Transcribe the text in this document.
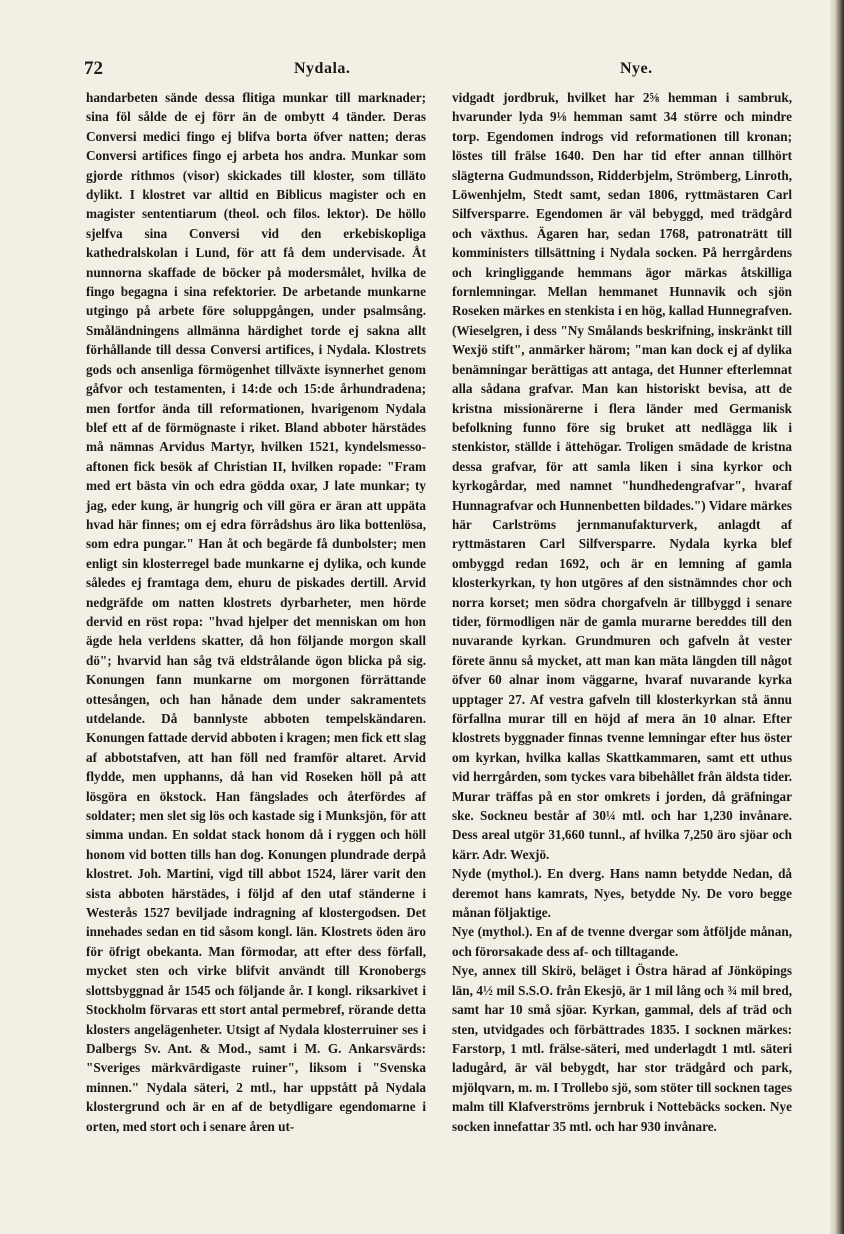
72	Nydala.	Nye.

handarbeten sände dessa flitiga munkar till marknader; sina föl sålde de ej förr än de ombytt 4 tänder. Deras Conversi medici fingo ej blifva borta öfver natten; deras Conversi artifices fingo ej arbeta hos andra. Munkar som gjorde rithmos (visor) skickades till kloster, som tilläto dylikt. I klostret var alltid en Biblicus magister och en magister sententiarum (theol. och filos. lektor). De höllo sjelfva sina Conversi vid den erkebiskopliga kathedralskolan i Lund, för att få dem undervisade. Åt nunnorna skaffade de böcker på modersmålet, hvilka de fingo begagna i sina refektorier. De arbetande munkarne utgingo på arbete före soluppgången, under psalmsång. Småländningens allmänna härdighet torde ej sakna allt förhållande till dessa Conversi artifices, i Nydala. Klostrets gods och ansenliga förmögenhet tillväxte isynnerhet genom gåfvor och testamenten, i 14:de och 15:de århundradena; men fortfor ända till reformationen, hvarigenom Nydala blef ett af de förmögnaste i riket. Bland abboter härstädes må nämnas Arvidus Martyr, hvilken 1521, kyndelsmesso-aftonen fick besök af Christian II, hvilken ropade: "Fram med ert bästa vin och edra gödda oxar, J late munkar; ty jag, eder kung, är hungrig och vill göra er äran att uppäta hvad här finnes; om ej edra förrådshus äro lika bottenlösa, som edra pungar." Han åt och begärde få dunbolster; men enligt sin klosterregel bade munkarne ej dylika, och kunde således ej framtaga dem, ehuru de piskades dertill. Arvid nedgräfde om natten klostrets dyrbarheter, men hörde dervid en röst ropa: "hvad hjelper det menniskan om hon ägde hela verldens skatter, då hon följande morgon skall dö"; hvarvid han såg tvä eldstrålande ögon blicka på sig. Konungen fann munkarne om morgonen förrättande ottesången, och han hånade dem under sakramentets utdelande. Då bannlyste abboten tempelskändaren. Konungen fattade dervid abboten i kragen; men fick ett slag af abbotstafven, att han föll ned framför altaret. Arvid flydde, men upphanns, då han vid Roseken höll på att lösgöra en ökstock. Han fängslades och återfördes af soldater; men slet sig lös och kastade sig i Munksjön, för att simma undan. En soldat stack honom då i ryggen och höll honom vid botten tills han dog. Konungen plundrade derpå klostret. Joh. Martini, vigd till abbot 1524, lärer varit den sista abboten härstädes, i följd af den utaf ständerne i Westerås 1527 beviljade indragning af klostergodsen. Det innehades sedan en tid såsom kongl. län. Klostrets öden äro för öfrigt obekanta. Man förmodar, att efter dess förfall, mycket sten och virke blifvit användt till Kronobergs slottsbyggnad år 1545 och följande år. I kongl. riksarkivet i Stockholm förvaras ett stort antal permebref, rörande detta klosters angelägenheter. Utsigt af Nydala klosterruiner ses i Dalbergs Sv. Ant. & Mod., samt i M. G. Ankarsvärds: "Sveriges märkvärdigaste ruiner", liksom i "Svenska minnen." Nydala säteri, 2 mtl., har uppstått på Nydala klostergrund och är en af de betydligare egendomarne i orten, med stort och i senare åren ut-

vidgadt jordbruk, hvilket har 2⅝ hemman i sambruk, hvarunder lyda 9⅛ hemman samt 34 större och mindre torp. Egendomen indrogs vid reformationen till kronan; löstes till frälse 1640. Den har tid efter annan tillhört slägterna Gudmundsson, Ridderbjelm, Strömberg, Linroth, Löwenhjelm, Stedt samt, sedan 1806, ryttmästaren Carl Silfversparre. Egendomen är väl bebyggd, med trädgård och växthus. Ägaren har, sedan 1768, patronaträtt till komministers tillsättning i Nydala socken. På herrgårdens och kringliggande hemmans ägor märkas åtskilliga fornlemningar. Mellan hemmanet Hunnavik och sjön Roseken märkes en stenkista i en hög, kallad Hunnegrafven. (Wieselgren, i dess "Ny Smålands beskrifning, inskränkt till Wexjö stift", anmärker härom; "man kan dock ej af dylika benämningar berättigas att antaga, det Hunner efterlemnat alla sådana grafvar. Man kan historiskt bevisa, att de kristna missionärerne i flera länder med Germanisk befolkning funno före sig bruket att nedlägga lik i stenkistor, ställde i ättehögar. Troligen smädade de kristna dessa grafvar, för att samla liken i sina kyrkor och kyrkogårdar, med namnet "hundhedengrafvar", hvaraf Hunnagrafvar och Hunnenbetten bildades.") Vidare märkes här Carlströms jernmanufakturverk, anlagdt af ryttmästaren Carl Silfversparre. Nydala kyrka blef ombyggd redan 1692, och är en lemning af gamla klosterkyrkan, ty hon utgöres af den sistnämndes chor och norra korset; men södra chorgafveln är tillbyggd i senare tider, förmodligen när de gamla murarne bereddes till den nuvarande kyrkan. Grundmuren och gafveln åt vester förete ännu så mycket, att man kan mäta längden till något öfver 60 alnar inom väggarne, hvaraf nuvarande kyrka upptager 27. Af vestra gafveln till klosterkyrkan stå ännu förfallna murar till en höjd af mera än 10 alnar. Efter klostrets byggnader finnas tvenne lemningar efter hus öster om kyrkan, hvilka kallas Skattkammaren, samt ett uthus vid herrgården, som tyckes vara bibehållet från äldsta tider. Murar träffas på en stor omkrets i jorden, då gräfningar ske. Sockneu består af 30¼ mtl. och har 1,230 invånare. Dess areal utgör 31,660 tunnl., af hvilka 7,250 äro sjöar och kärr. Adr. Wexjö.

Nyde (mythol.). En dverg. Hans namn betydde Nedan, då deremot hans kamrats, Nyes, betydde Ny. De voro begge månan följaktige.

Nye (mythol.). En af de tvenne dvergar som åtföljde månan, och förorsakade dess af- och tilltagande.

Nye, annex till Skirö, beläget i Östra härad af Jönköpings län, 4½ mil S.S.O. från Ekesjö, är 1 mil lång och ¾ mil bred, samt har 10 små sjöar. Kyrkan, gammal, dels af träd och sten, utvidgades och förbättrades 1835. I socknen märkes: Farstorp, 1 mtl. frälse-säteri, med underlagdt 1 mtl. säteri ladugård, är väl bebygdt, har stor trädgård och park, mjölqvarn, m. m. I Trollebo sjö, som stöter till socknen tages malm till Klafverströms jernbruk i Nottebäcks socken. Nye socken innefattar 35 mtl. och har 930 invånare.
